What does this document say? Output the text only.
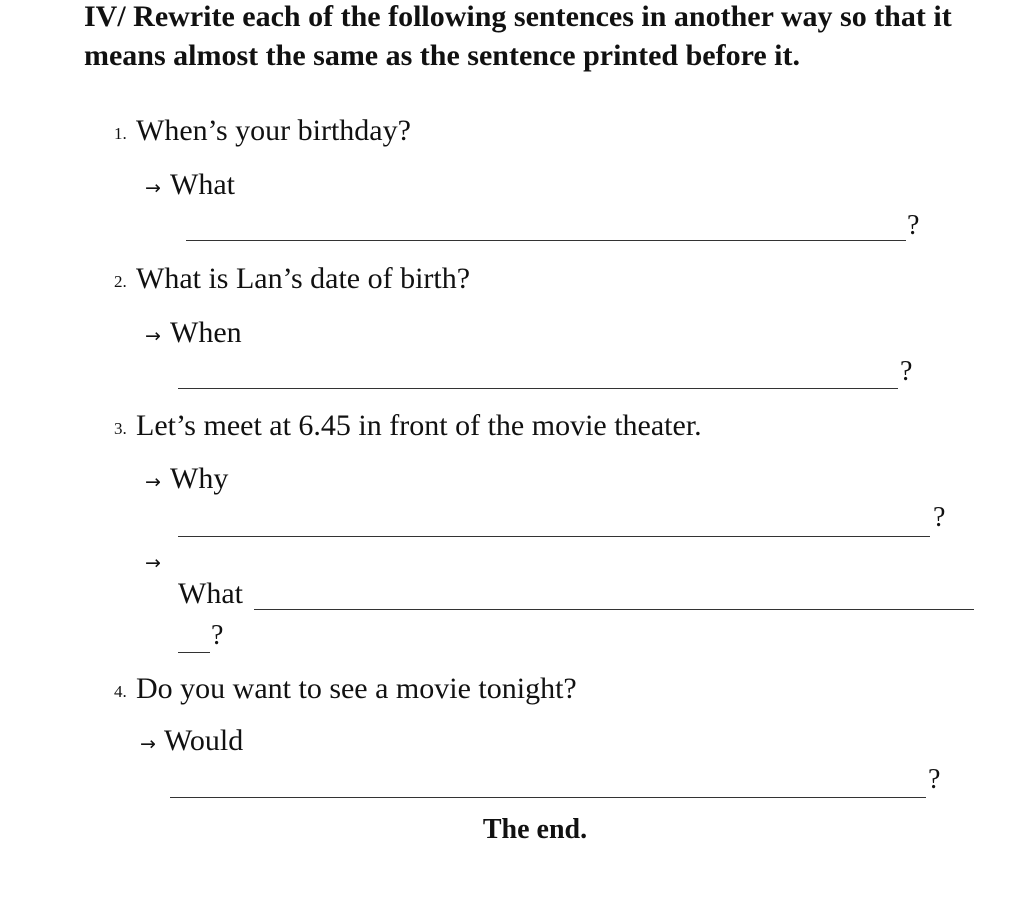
IV/ Rewrite each of the following sentences in another way so that it means almost the same as the sentence printed before it.
1. When’s your birthday?
→ What
?
2. What is Lan’s date of birth?
→ When
?
3. Let’s meet at 6.45 in front of the movie theater.
→ Why
?
→
What
?
4. Do you want to see a movie tonight?
→ Would
?
The end.
